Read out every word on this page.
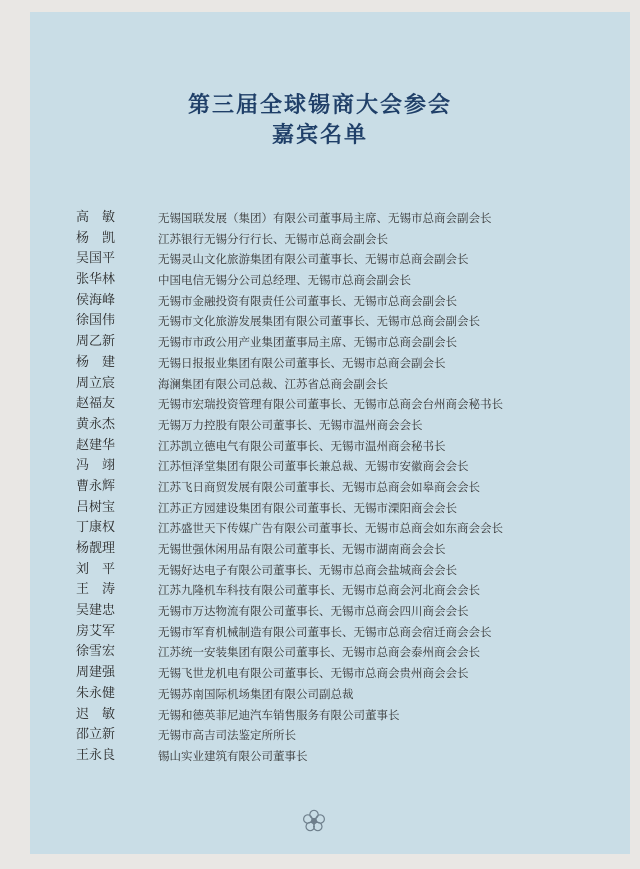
第三届全球锡商大会参会
嘉宾名单
高　敏	无锡国联发展（集团）有限公司董事局主席、无锡市总商会副会长
杨　凯	江苏银行无锡分行行长、无锡市总商会副会长
吴国平	无锡灵山文化旅游集团有限公司董事长、无锡市总商会副会长
张华林	中国电信无锡分公司总经理、无锡市总商会副会长
侯海峰	无锡市金融投资有限责任公司董事长、无锡市总商会副会长
徐国伟	无锡市文化旅游发展集团有限公司董事长、无锡市总商会副会长
周乙新	无锡市市政公用产业集团董事局主席、无锡市总商会副会长
杨　建	无锡日报报业集团有限公司董事长、无锡市总商会副会长
周立宸	海澜集团有限公司总裁、江苏省总商会副会长
赵福友	无锡市宏瑞投资管理有限公司董事长、无锡市总商会台州商会秘书长
黄永杰	无锡万力控股有限公司董事长、无锡市温州商会会长
赵建华	江苏凯立德电气有限公司董事长、无锡市温州商会秘书长
冯　翊	江苏恒泽堂集团有限公司董事长兼总裁、无锡市安徽商会会长
曹永辉	江苏飞日商贸发展有限公司董事长、无锡市总商会如皋商会会长
吕树宝	江苏正方园建设集团有限公司董事长、无锡市溧阳商会会长
丁康权	江苏盛世天下传媒广告有限公司董事长、无锡市总商会如东商会会长
杨靓理	无锡世强休闲用品有限公司董事长、无锡市湖南商会会长
刘　平	无锡好达电子有限公司董事长、无锡市总商会盐城商会会长
王　涛	江苏九隆机车科技有限公司董事长、无锡市总商会河北商会会长
吴建忠	无锡市万达物流有限公司董事长、无锡市总商会四川商会会长
房艾军	无锡市军育机械制造有限公司董事长、无锡市总商会宿迁商会会长
徐雪宏	江苏统一安装集团有限公司董事长、无锡市总商会泰州商会会长
周建强	无锡飞世龙机电有限公司董事长、无锡市总商会贵州商会会长
朱永健	无锡苏南国际机场集团有限公司副总裁
迟　敏	无锡和德英菲尼迪汽车销售服务有限公司董事长
邵立新	无锡市高吉司法鉴定所所长
王永良	锡山实业建筑有限公司董事长
